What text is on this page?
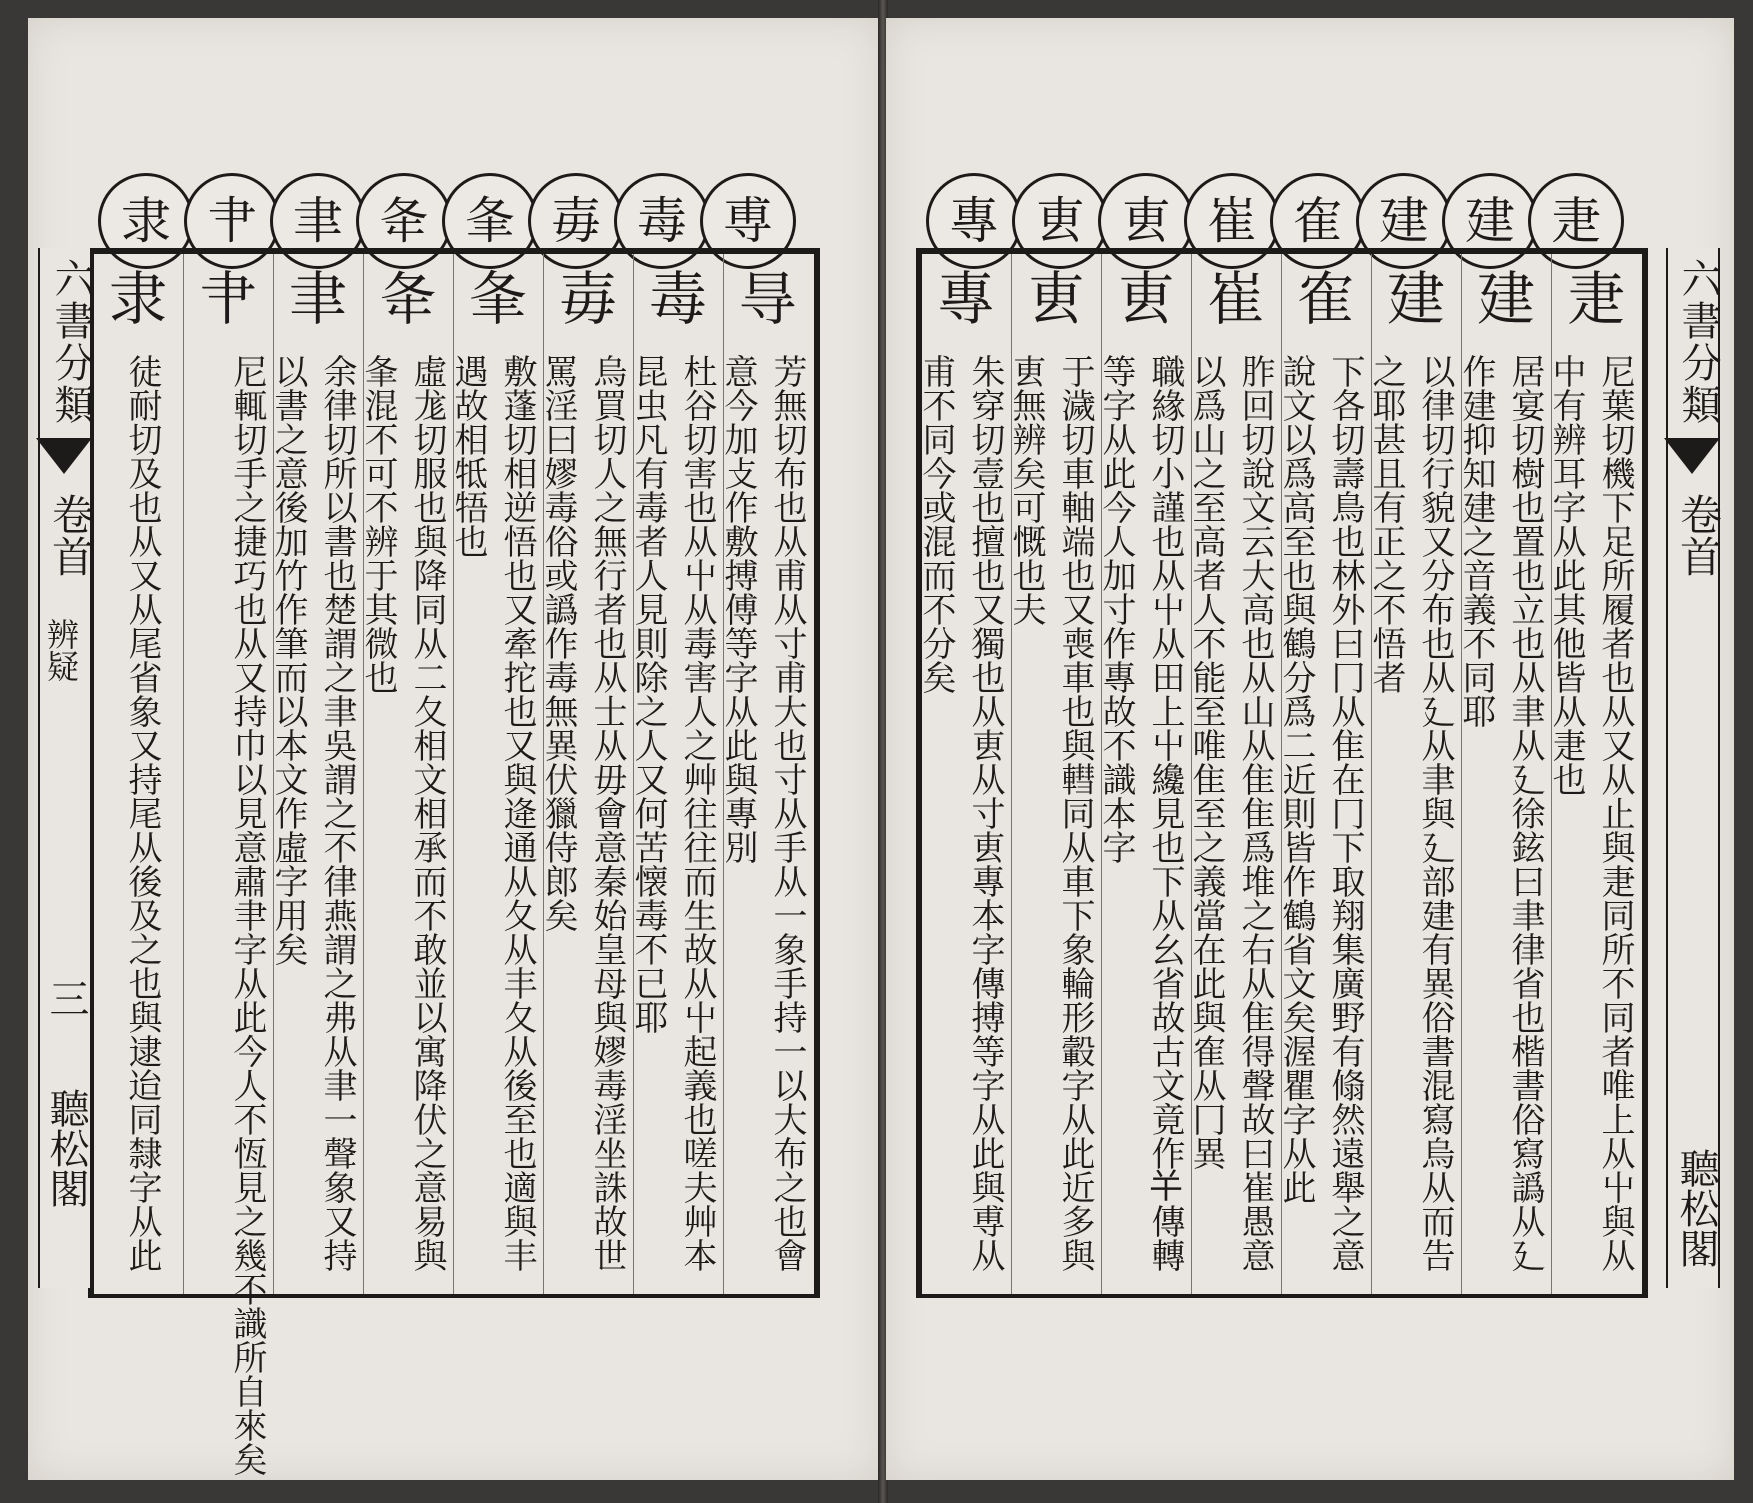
隶 肀 聿 夅 夆 毐 毒 尃
隶
徒耐切及也从又从尾省象又持尾从後及之也與逮迨同隸字从此
肀
尼輒切手之捷巧也从又持巾以見意肅𦘒字从此今人不恆見之幾不識所自來矣
聿
余律切所以書也楚謂之聿吳謂之不律燕謂之弗从聿一聲象又持以書之意後加竹作筆而以本文作虛字用矣
夅
虛尨切服也與降同从二夂相文相承而不敢並以寓降伏之意易與夆混不可不辨于其微也
夆
敷蓬切相逆悟也又牽拕也又與逄通从夂从丰夂从後至也適與丰遇故相牴牾也
毐
烏買切人之無行者也从士从毋會意秦始皇母與嫪毒淫坐誅故世罵淫曰嫪毒俗或譌作毒無異伏獵侍郎矣
毒
杜谷切害也从屮从毒害人之艸往往而生故从屮起義也嗟夫艸本昆虫凡有毒者人見則除之人又何苦懐毒不已耶
㝵
芳無切布也从甫从寸甫大也寸从手从一象手持一以大布之也會意今加攴作敷搏傅等字从此與專別
六書分類
卷首
辨疑
三
聽松閣
專 叀 叀 崔 隺 建 建 疌
專
朱穿切壹也擅也又獨也从叀从寸叀專本字傳搏等字从此與尃从甫不同今或混而不分矣
叀
于濊切車軸端也又喪車也與轊同从車下象輪形轂字从此近多與叀無辨矣可慨也夫
叀
職緣切小謹也从屮从田上屮纔見也下从幺省故古文竟作𢆉傳轉等字从此今人加寸作專故不識本字
崔
胙回切說文云大高也从山从隹隹爲堆之右从隹得聲故曰崔愚意以爲山之至高者人不能至唯隹至之義當在此與隺从冂異
隺
下各切壽鳥也林外曰冂从隹在冂下取翔集廣野有翛然遠舉之意說文以爲高至也與鶴分爲二近則皆作鶴省文矣渥瞿字从此
建
以律切行貌又分布也从廴从聿與廴部建有異俗書混寫烏从而告之耶甚且有正之不悟者
建
居宴切樹也置也立也从聿从廴徐鉉曰聿律省也楷書俗寫譌从廴作建抑知建之音義不同耶
疌
尼葉切機下足所履者也从又从止與疌同所不同者唯上从屮與从中有辨耳字从此其他皆从疌也
六書分類
卷首
聽松閣
